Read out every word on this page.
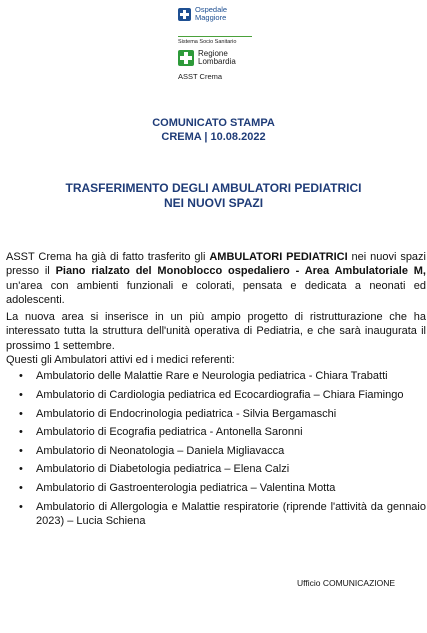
Ospedale
Maggiore
Sistema Socio Sanitario
Regione
Lombardia
ASST Crema
COMUNICATO STAMPA
CREMA | 10.08.2022
TRASFERIMENTO DEGLI AMBULATORI PEDIATRICI
NEI NUOVI SPAZI

ASST Crema ha già di fatto trasferito gli AMBULATORI PEDIATRICI nei nuovi spazi presso il Piano rialzato del Monoblocco ospedaliero - Area Ambulatoriale M, un'area con ambienti funzionali e colorati, pensata e dedicata a neonati ed adolescenti.

La nuova area si inserisce in un più ampio progetto di ristrutturazione che ha interessato tutta la struttura dell'unità operativa di Pediatria, e che sarà inaugurata il prossimo 1 settembre.

Questi gli Ambulatori attivi ed i medici referenti:

• Ambulatorio delle Malattie Rare e Neurologia pediatrica - Chiara Trabatti
• Ambulatorio di Cardiologia pediatrica ed Ecocardiografia – Chiara Fiamingo
• Ambulatorio di Endocrinologia pediatrica - Silvia Bergamaschi
• Ambulatorio di Ecografia pediatrica - Antonella Saronni
• Ambulatorio di Neonatologia – Daniela Migliavacca
• Ambulatorio di Diabetologia pediatrica – Elena Calzi
• Ambulatorio di Gastroenterologia pediatrica – Valentina Motta
• Ambulatorio di Allergologia e Malattie respiratorie (riprende l'attività da gennaio 2023) – Lucia Schiena
Ufficio COMUNICAZIONE
